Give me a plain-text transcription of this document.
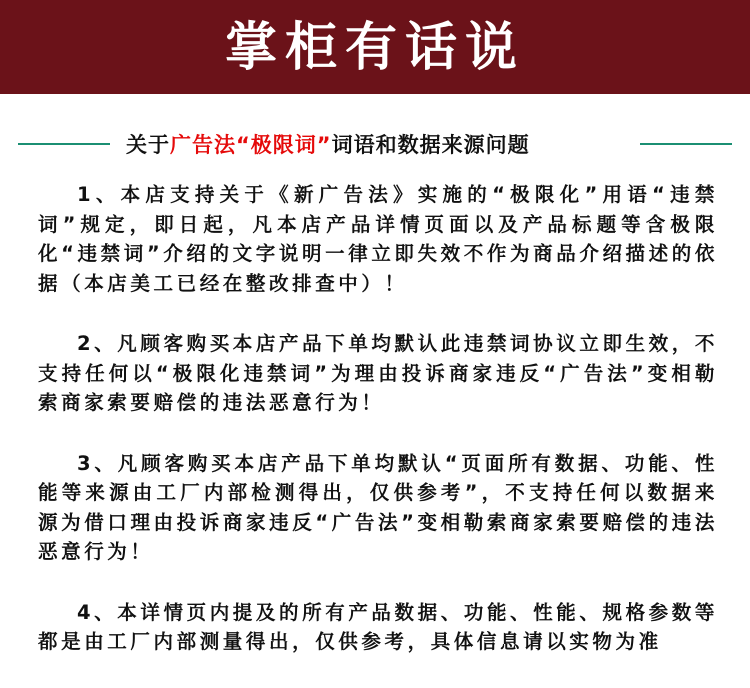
掌柜有话说
关于广告法“极限词”词语和数据来源问题

1、本店支持关于《新广告法》实施的“极限化”用语“违禁词”规定，即日起，凡本店产品详情页面以及产品标题等含极限化“违禁词”介绍的文字说明一律立即失效不作为商品介绍描述的依据（本店美工已经在整改排查中）！

2、凡顾客购买本店产品下单均默认此违禁词协议立即生效，不支持任何以“极限化违禁词”为理由投诉商家违反“广告法”变相勒索商家索要赔偿的违法恶意行为！

3、凡顾客购买本店产品下单均默认“页面所有数据、功能、性能等来源由工厂内部检测得出，仅供参考”，不支持任何以数据来源为借口理由投诉商家违反“广告法”变相勒索商家索要赔偿的违法恶意行为！

4、本详情页内提及的所有产品数据、功能、性能、规格参数等都是由工厂内部测量得出，仅供参考，具体信息请以实物为准
